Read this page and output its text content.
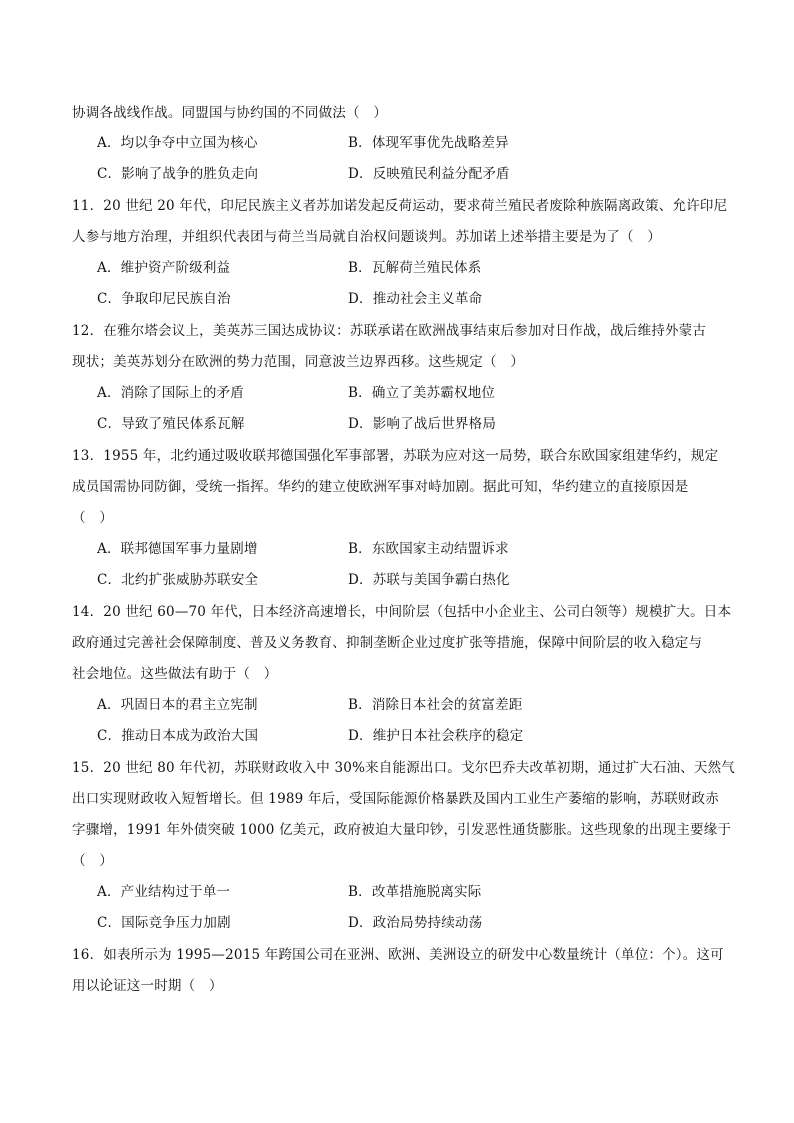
协调各战线作战。同盟国与协约国的不同做法（　）
A．均以争夺中立国为核心	B．体现军事优先战略差异
C．影响了战争的胜负走向	D．反映殖民利益分配矛盾
11．20 世纪 20 年代，印尼民族主义者苏加诺发起反荷运动，要求荷兰殖民者废除种族隔离政策、允许印尼
人参与地方治理，并组织代表团与荷兰当局就自治权问题谈判。苏加诺上述举措主要是为了（　）
A．维护资产阶级利益	B．瓦解荷兰殖民体系
C．争取印尼民族自治	D．推动社会主义革命
12．在雅尔塔会议上，美英苏三国达成协议：苏联承诺在欧洲战事结束后参加对日作战，战后维持外蒙古
现状；美英苏划分在欧洲的势力范围，同意波兰边界西移。这些规定（　）
A．消除了国际上的矛盾	B．确立了美苏霸权地位
C．导致了殖民体系瓦解	D．影响了战后世界格局
13．1955 年，北约通过吸收联邦德国强化军事部署，苏联为应对这一局势，联合东欧国家组建华约，规定
成员国需协同防御，受统一指挥。华约的建立使欧洲军事对峙加剧。据此可知，华约建立的直接原因是
（　）
A．联邦德国军事力量剧增	B．东欧国家主动结盟诉求
C．北约扩张威胁苏联安全	D．苏联与美国争霸白热化
14．20 世纪 60—70 年代，日本经济高速增长，中间阶层（包括中小企业主、公司白领等）规模扩大。日本
政府通过完善社会保障制度、普及义务教育、抑制垄断企业过度扩张等措施，保障中间阶层的收入稳定与
社会地位。这些做法有助于（　）
A．巩固日本的君主立宪制	B．消除日本社会的贫富差距
C．推动日本成为政治大国	D．维护日本社会秩序的稳定
15．20 世纪 80 年代初，苏联财政收入中 30%来自能源出口。戈尔巴乔夫改革初期，通过扩大石油、天然气
出口实现财政收入短暂增长。但 1989 年后，受国际能源价格暴跌及国内工业生产萎缩的影响，苏联财政赤
字骤增，1991 年外债突破 1000 亿美元，政府被迫大量印钞，引发恶性通货膨胀。这些现象的出现主要缘于
（　）
A．产业结构过于单一	B．改革措施脱离实际
C．国际竞争压力加剧	D．政治局势持续动荡
16．如表所示为 1995—2015 年跨国公司在亚洲、欧洲、美洲设立的研发中心数量统计（单位：个）。这可
用以论证这一时期（　）
